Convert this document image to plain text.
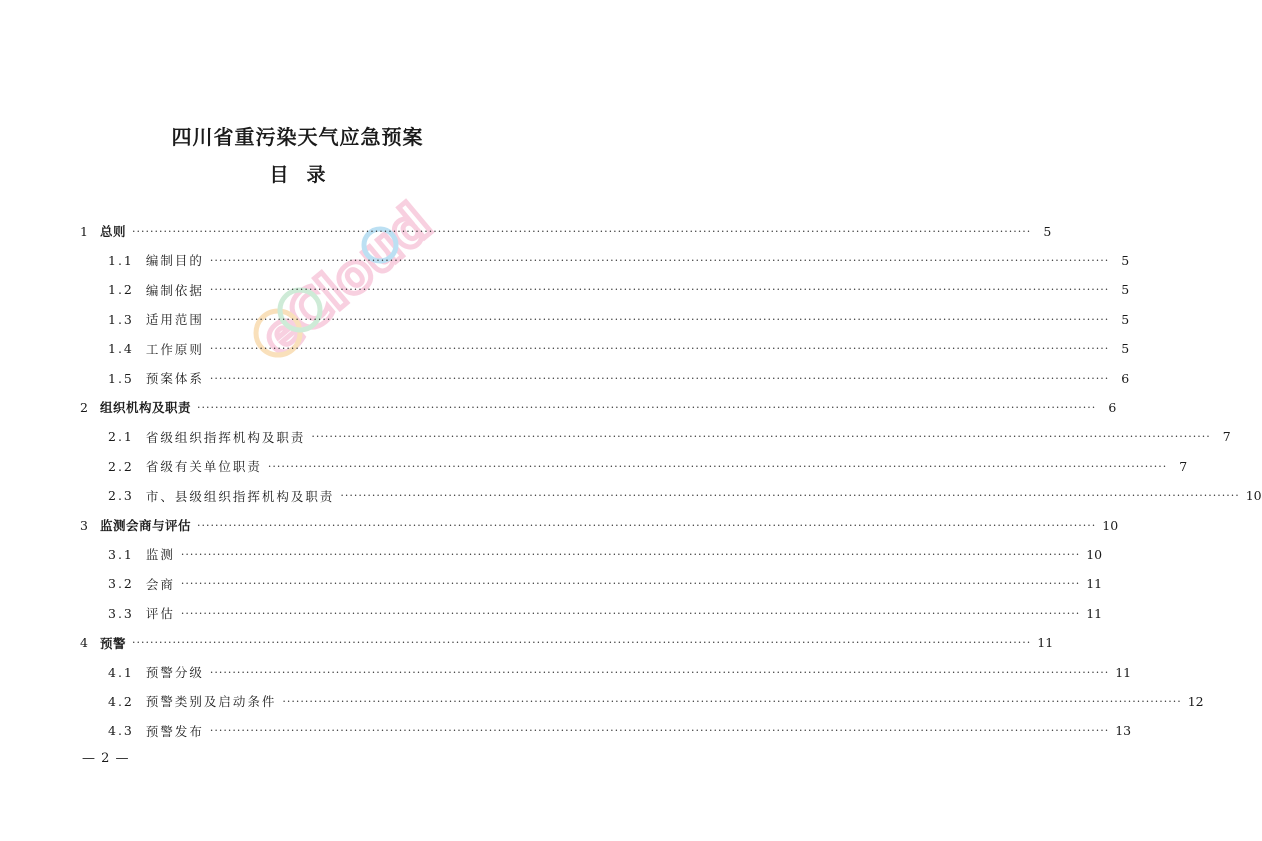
四川省重污染天气应急预案
目录
eCloud
1 总则 ········································································································································································································ 5
1.1 编制目的 ········································································································································································································ 5
1.2 编制依据 ········································································································································································································ 5
1.3 适用范围 ········································································································································································································ 5
1.4 工作原则 ········································································································································································································ 5
1.5 预案体系 ········································································································································································································ 6
2 组织机构及职责 ········································································································································································································ 6
2.1 省级组织指挥机构及职责 ········································································································································································································ 7
2.2 省级有关单位职责 ········································································································································································································ 7
2.3 市、县级组织指挥机构及职责 ········································································································································································································ 10
3 监测会商与评估 ········································································································································································································ 10
3.1 监测 ········································································································································································································ 10
3.2 会商 ········································································································································································································ 11
3.3 评估 ········································································································································································································ 11
4 预警 ········································································································································································································ 11
4.1 预警分级 ········································································································································································································ 11
4.2 预警类别及启动条件 ········································································································································································································ 12
4.3 预警发布 ········································································································································································································ 13
— 2 —
